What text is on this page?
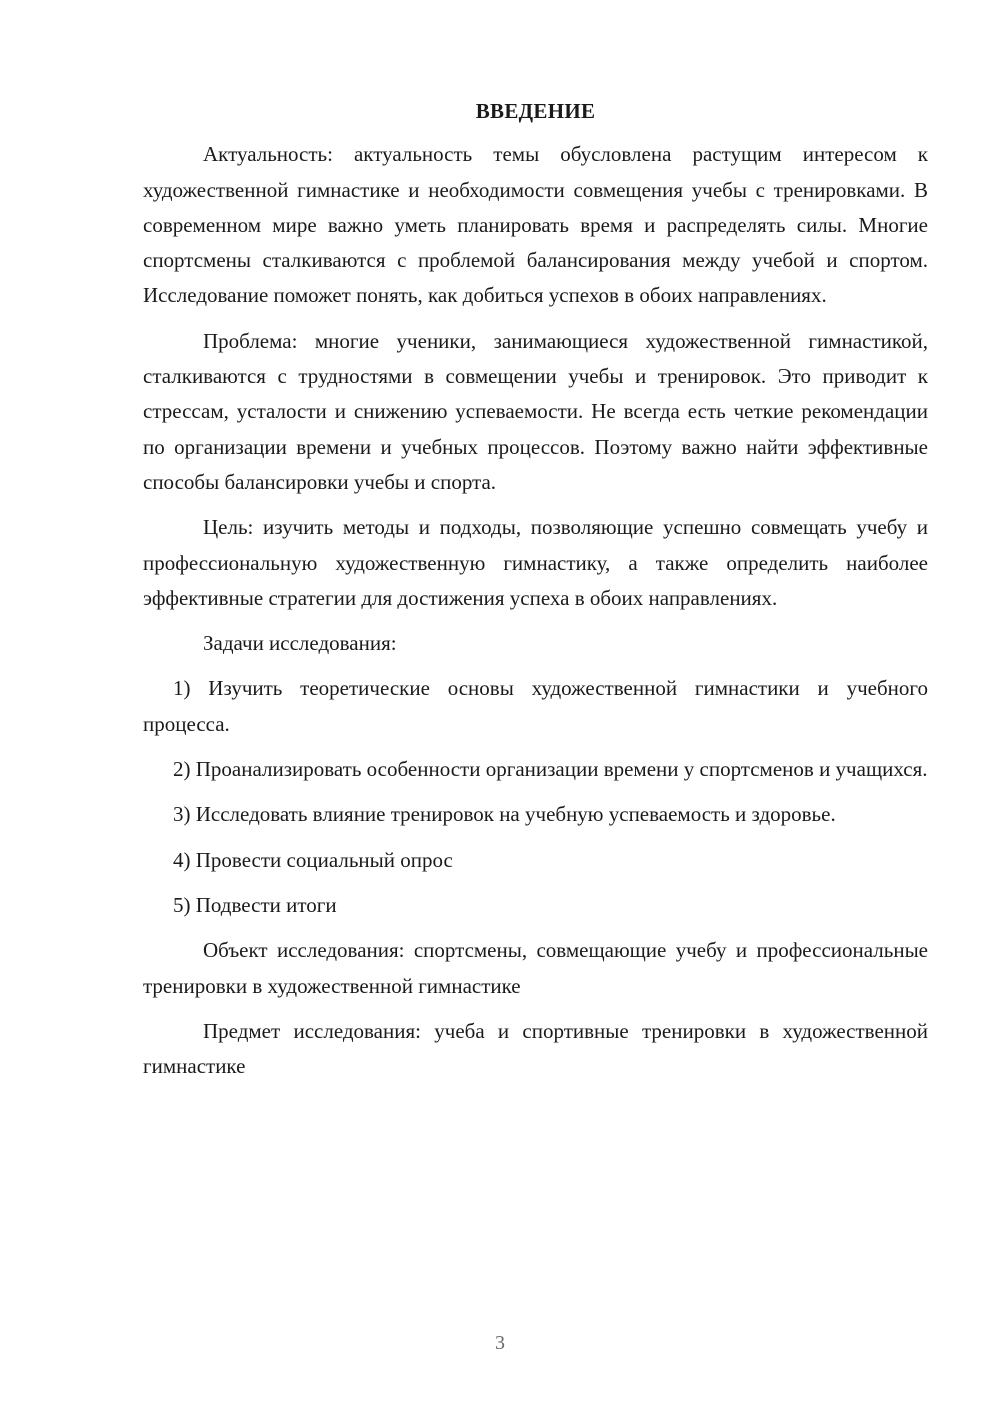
ВВЕДЕНИЕ

Актуальность: актуальность темы обусловлена растущим интересом к художественной гимнастике и необходимости совмещения учебы с тренировками. В современном мире важно уметь планировать время и распределять силы. Многие спортсмены сталкиваются с проблемой балансирования между учебой и спортом. Исследование поможет понять, как добиться успехов в обоих направлениях.

Проблема: многие ученики, занимающиеся художественной гимнастикой, сталкиваются с трудностями в совмещении учебы и тренировок. Это приводит к стрессам, усталости и снижению успеваемости. Не всегда есть четкие рекомендации по организации времени и учебных процессов. Поэтому важно найти эффективные способы балансировки учебы и спорта.

Цель: изучить методы и подходы, позволяющие успешно совмещать учебу и профессиональную художественную гимнастику, а также определить наиболее эффективные стратегии для достижения успеха в обоих направлениях.

Задачи исследования:

1) Изучить теоретические основы художественной гимнастики и учебного процесса.

2) Проанализировать особенности организации времени у спортсменов и учащихся.

3) Исследовать влияние тренировок на учебную успеваемость и здоровье.

4) Провести социальный опрос

5) Подвести итоги

Объект исследования: спортсмены, совмещающие учебу и профессиональные тренировки в художественной гимнастике

Предмет исследования: учеба и спортивные тренировки в художественной гимнастике

3
